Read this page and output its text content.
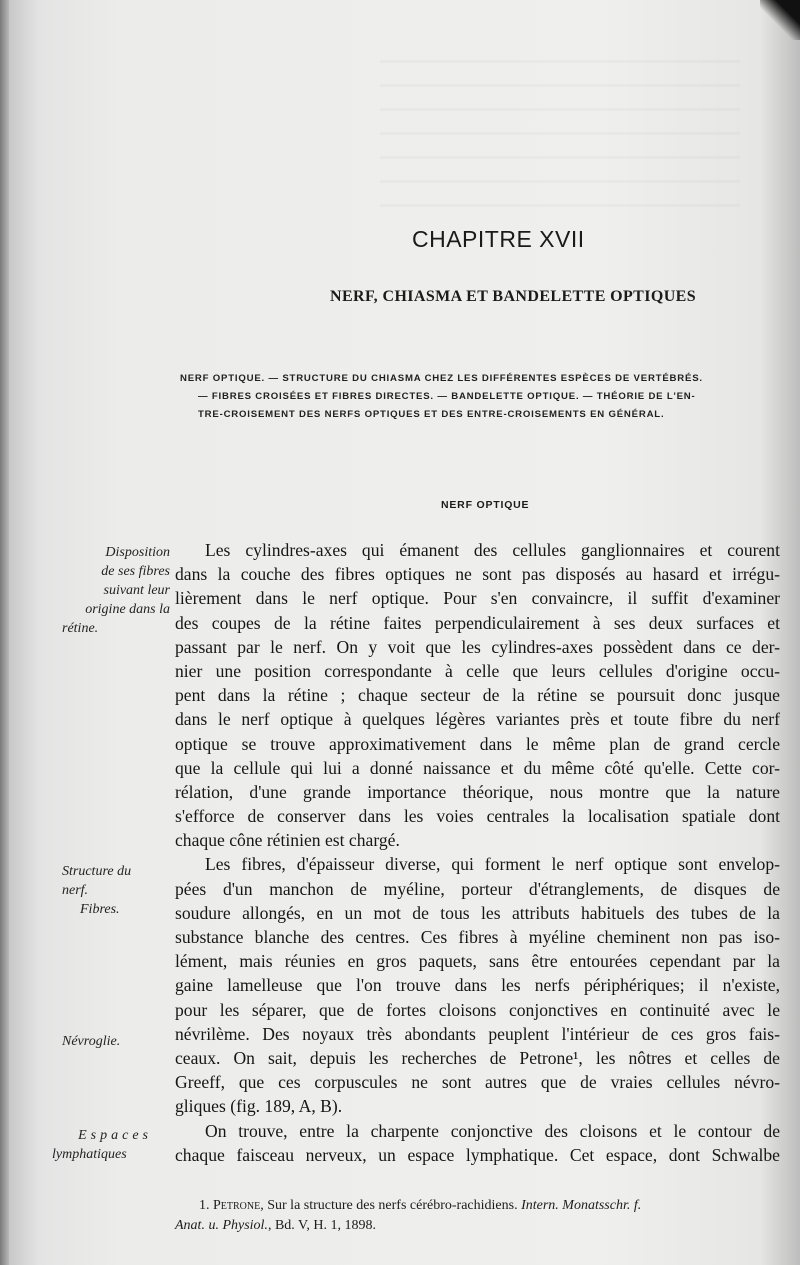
CHAPITRE XVII
NERF, CHIASMA ET BANDELETTE OPTIQUES
NERF OPTIQUE. — STRUCTURE DU CHIASMA CHEZ LES DIFFÉRENTES ESPÈCES DE VERTÉBRÉS.
— FIBRES CROISÉES ET FIBRES DIRECTES. — BANDELETTE OPTIQUE. — THÉORIE DE L'EN-
TRE-CROISEMENT DES NERFS OPTIQUES ET DES ENTRE-CROISEMENTS EN GÉNÉRAL.
NERF OPTIQUE
Disposition
de ses fibres
suivant leur
origine dans la
rétine.
Structure du
nerf.
Fibres.
Névroglie.
Espaces
lymphatiques
Les cylindres-axes qui émanent des cellules ganglionnaires et courent
dans la couche des fibres optiques ne sont pas disposés au hasard et irrégu-
lièrement dans le nerf optique. Pour s'en convaincre, il suffit d'examiner
des coupes de la rétine faites perpendiculairement à ses deux surfaces et
passant par le nerf. On y voit que les cylindres-axes possèdent dans ce der-
nier une position correspondante à celle que leurs cellules d'origine occu-
pent dans la rétine ; chaque secteur de la rétine se poursuit donc jusque
dans le nerf optique à quelques légères variantes près et toute fibre du nerf
optique se trouve approximativement dans le même plan de grand cercle
que la cellule qui lui a donné naissance et du même côté qu'elle. Cette cor-
rélation, d'une grande importance théorique, nous montre que la nature
s'efforce de conserver dans les voies centrales la localisation spatiale dont
chaque cône rétinien est chargé.
Les fibres, d'épaisseur diverse, qui forment le nerf optique sont envelop-
pées d'un manchon de myéline, porteur d'étranglements, de disques de
soudure allongés, en un mot de tous les attributs habituels des tubes de la
substance blanche des centres. Ces fibres à myéline cheminent non pas iso-
lément, mais réunies en gros paquets, sans être entourées cependant par la
gaine lamelleuse que l'on trouve dans les nerfs périphériques; il n'existe,
pour les séparer, que de fortes cloisons conjonctives en continuité avec le
névrilème. Des noyaux très abondants peuplent l'intérieur de ces gros fais-
ceaux. On sait, depuis les recherches de Petrone¹, les nôtres et celles de
Greeff, que ces corpuscules ne sont autres que de vraies cellules névro-
gliques (fig. 189, A, B).
On trouve, entre la charpente conjonctive des cloisons et le contour de
chaque faisceau nerveux, un espace lymphatique. Cet espace, dont Schwalbe
1. Petrone, Sur la structure des nerfs cérébro-rachidiens. Intern. Monatsschr. f.
Anat. u. Physiol., Bd. V, H. 1, 1898.
